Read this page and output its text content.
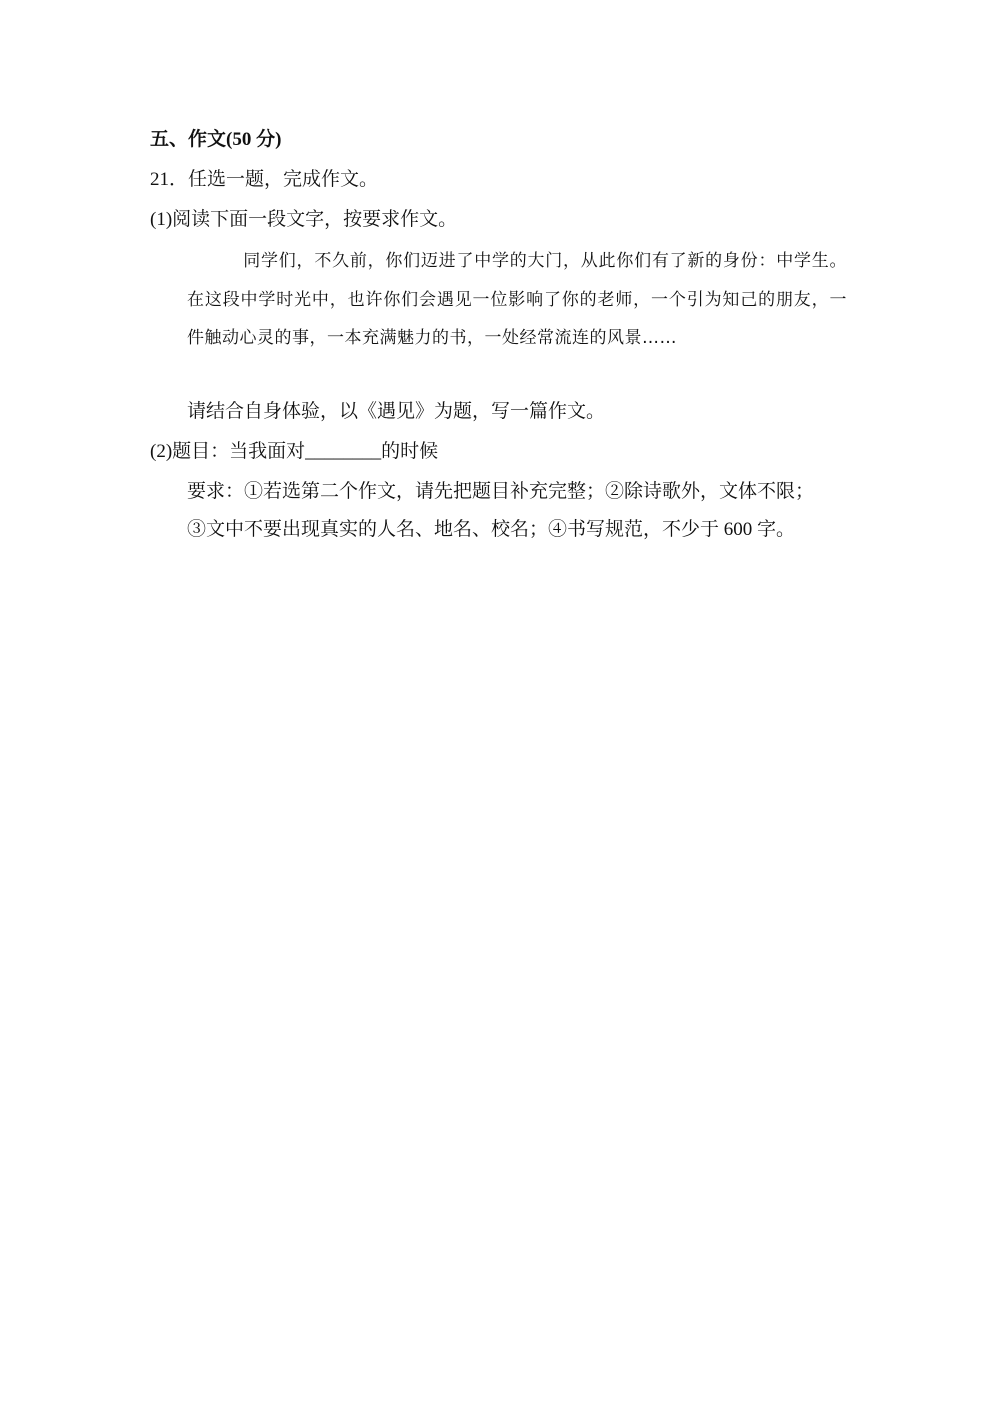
五、作文(50 分)
21．任选一题，完成作文。
(1)阅读下面一段文字，按要求作文。
同学们，不久前，你们迈进了中学的大门，从此你们有了新的身份：中学生。在这段中学时光中，也许你们会遇见一位影响了你的老师，一个引为知己的朋友，一件触动心灵的事，一本充满魅力的书，一处经常流连的风景……
请结合自身体验，以《遇见》为题，写一篇作文。
(2)题目：当我面对________的时候
要求：①若选第二个作文，请先把题目补充完整；②除诗歌外，文体不限；
③文中不要出现真实的人名、地名、校名；④书写规范，不少于 600 字。
